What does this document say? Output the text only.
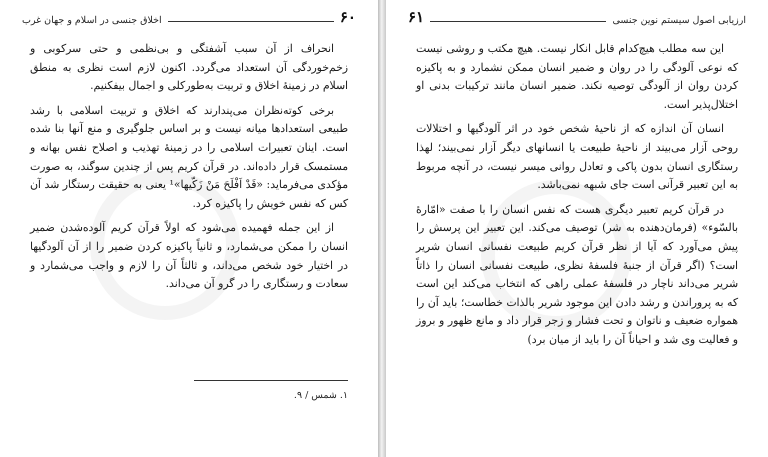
۶۰
اخلاق جنسی در اسلام و جهان غرب

انحراف از آن سبب آشفتگی و بی‌نظمی و حتی سرکوبی و زخم‌خوردگی آن استعداد می‌گردد. اکنون لازم است نظری به منطق اسلام در زمینهٔ اخلاق و تربیت به‌طورکلی و اجمال بیفکنیم.

برخی کوته‌نظران می‌پندارند که اخلاق و تربیت اسلامی با رشد طبیعی استعدادها میانه نیست و بر اساس جلوگیری و منع آنها بنا شده است. اینان تعبیرات اسلامی را در زمینهٔ تهذیب و اصلاح نفس بهانه و مستمسک قرار داده‌اند. در قرآن کریم پس از چندین سوگند، به صورت مؤکدی می‌فرماید: «قَدْ اَفْلَحَ مَنْ زَکّیها»¹ یعنی به حقیقت رستگار شد آن کس که نفس خویش را پاکیزه کرد.

از این جمله فهمیده می‌شود که اولاً قرآن کریم آلوده‌شدن ضمیر انسان را ممکن می‌شمارد، و ثانیاً پاکیزه کردن ضمیر را از آن آلودگیها در اختیار خود شخص می‌داند، و ثالثاً آن را لازم و واجب می‌شمارد و سعادت و رستگاری را در گرو آن می‌داند.

۱. شمس / ۹.
ارزیابی اصول سیستم نوین جنسی
۶۱

این سه مطلب هیچ‌کدام قابل انکار نیست. هیچ مکتب و روشی نیست که نوعی آلودگی را در روان و ضمیر انسان ممکن نشمارد و به پاکیزه کردن روان از آلودگی توصیه نکند. ضمیر انسان مانند ترکیبات بدنی او اختلال‌پذیر است.

انسان آن اندازه که از ناحیهٔ شخص خود در اثر آلودگیها و اختلالات روحی آزار می‌بیند از ناحیهٔ طبیعت یا انسانهای دیگر آزار نمی‌بیند؛ لهذا رستگاری انسان بدون پاکی و تعادل روانی میسر نیست، در آنچه مربوط به این تعبیر قرآنی است جای شبهه نمی‌باشد.

در قرآن کریم تعبیر دیگری هست که نفس انسان را با صفت «امّارهٔ بالسّوء» (فرمان‌دهنده به شر) توصیف می‌کند. این تعبیر این پرسش را پیش می‌آورد که آیا از نظر قرآن کریم طبیعت نفسانی انسان شریر است؟ (اگر قرآن از جنبهٔ فلسفهٔ نظری، طبیعت نفسانی انسان را ذاتاً شریر می‌داند ناچار در فلسفهٔ عملی راهی که انتخاب می‌کند این است که به پروراندن و رشد دادن این موجود شریر بالذات خطاست؛ باید آن را همواره ضعیف و ناتوان و تحت فشار و زجر قرار داد و مانع ظهور و بروز و فعالیت وی شد و احیاناً آن را باید از میان برد)
